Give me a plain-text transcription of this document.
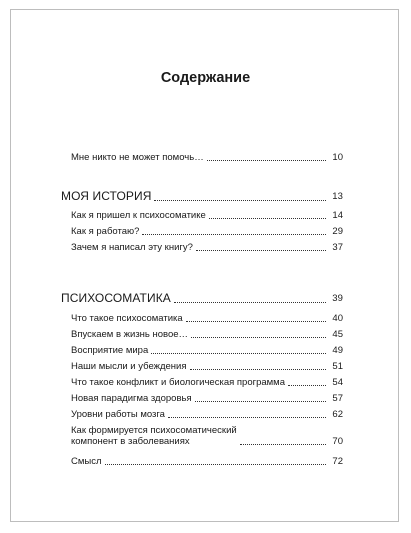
Содержание
Мне никто не может помочь…	10
МОЯ ИСТОРИЯ	13
Как я пришел к психосоматике	14
Как я работаю?	29
Зачем я написал эту книгу?	37
ПСИХОСОМАТИКА	39
Что такое психосоматика	40
Впускаем в жизнь новое…	45
Восприятие мира	49
Наши мысли и убеждения	51
Что такое конфликт и биологическая программа	54
Новая парадигма здоровья	57
Уровни работы мозга	62
Как формируется психосоматический
компонент в заболеваниях	70
Смысл	72
